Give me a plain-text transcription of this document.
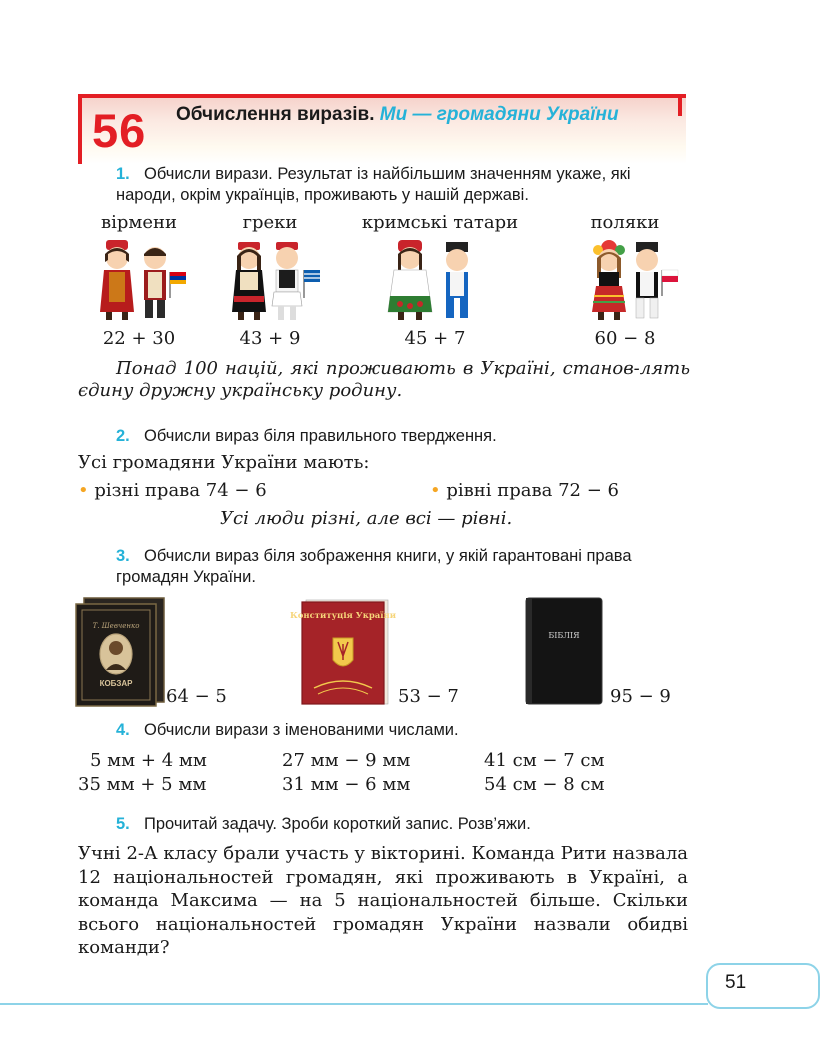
56 Обчислення виразів. Ми — громадяни України
1. Обчисли вирази. Результат із найбільшим значенням укаже, які народи, окрім українців, проживають у нашій державі.
вірмени	греки	кримські татари	поляки
22 + 30	43 + 9	45 + 7	60 − 8
Понад 100 націй, які проживають в Україні, станов-лять єдину дружну українську родину.
2. Обчисли вираз біля правильного твердження.
Усі громадяни України мають:
• різні права 74 − 6	• рівні права 72 − 6
Усі люди різні, але всі — рівні.
3. Обчисли вираз біля зображення книги, у якій гарантовані права громадян України.
Т. Шевченко
КОБЗАР
64 − 5
Конституція України
53 − 7
БІБЛІЯ
95 − 9
4. Обчисли вирази з іменованими числами.
5 мм + 4 мм	27 мм − 9 мм	41 см − 7 см
35 мм + 5 мм	31 мм − 6 мм	54 см − 8 см
5. Прочитай задачу. Зроби короткий запис. Розв’яжи.
Учні 2-А класу брали участь у вікторині. Команда Рити назвала 12 національностей громадян, які проживають в Україні, а команда Максима — на 5 національностей більше. Скільки всього національностей громадян України назвали обидві команди?
51
